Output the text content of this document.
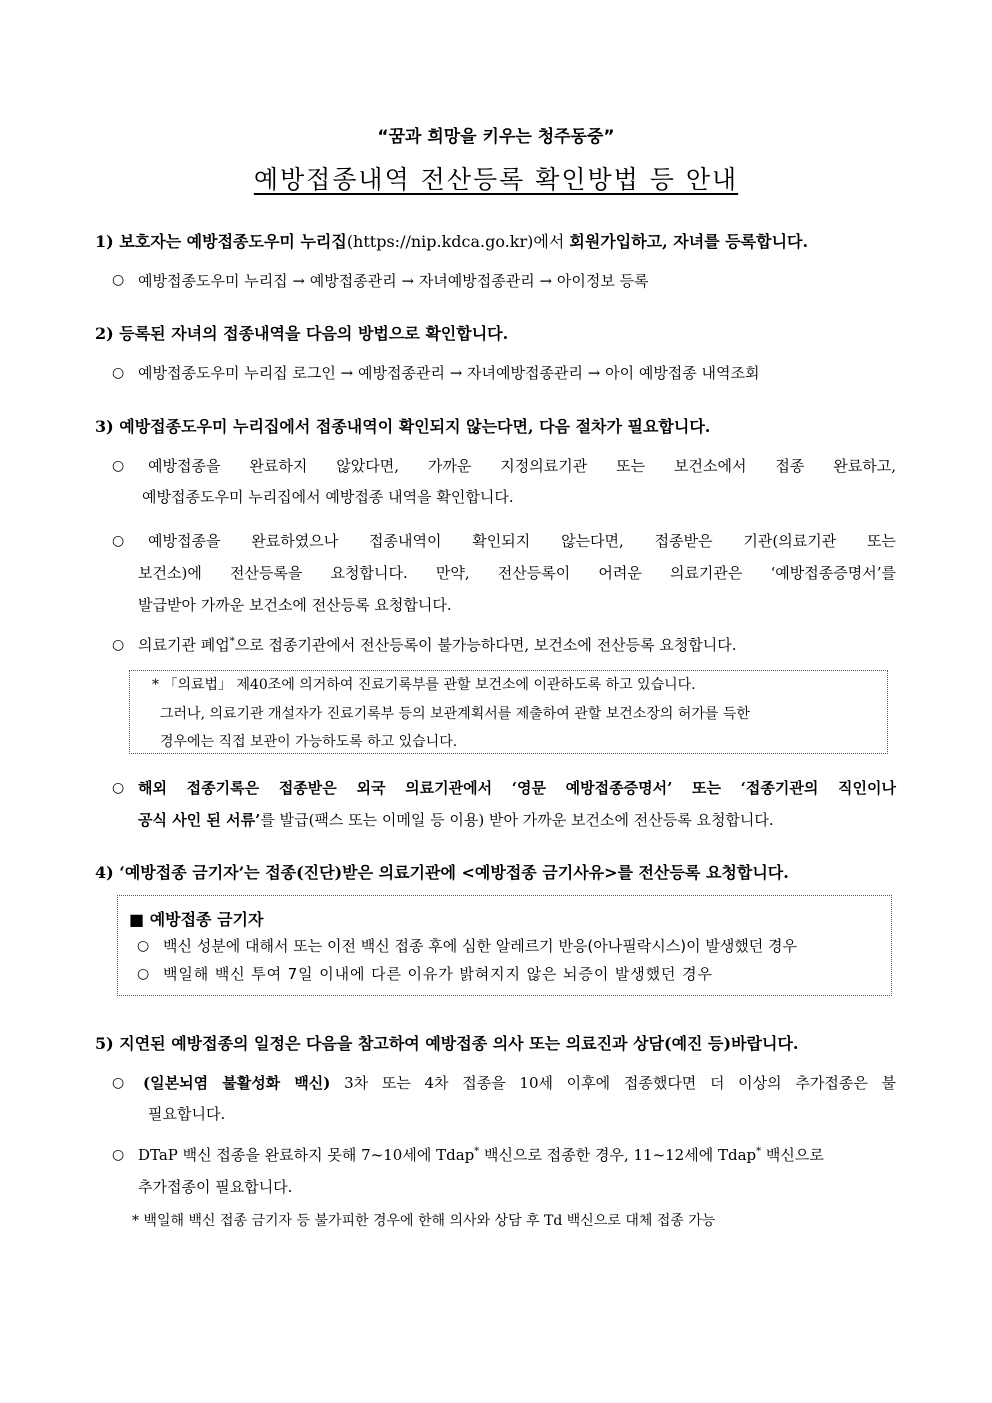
“꿈과 희망을 키우는 청주동중”
예방접종내역 전산등록 확인방법 등 안내
1) 보호자는 예방접종도우미 누리집(https://nip.kdca.go.kr)에서 회원가입하고, 자녀를 등록합니다.
○ 예방접종도우미 누리집 → 예방접종관리 → 자녀예방접종관리 → 아이정보 등록
2) 등록된 자녀의 접종내역을 다음의 방법으로 확인합니다.
○ 예방접종도우미 누리집 로그인 → 예방접종관리 → 자녀예방접종관리 → 아이 예방접종 내역조회
3) 예방접종도우미 누리집에서 접종내역이 확인되지 않는다면, 다음 절차가 필요합니다.
○ 예방접종을 완료하지 않았다면, 가까운 지정의료기관 또는 보건소에서 접종 완료하고,
예방접종도우미 누리집에서 예방접종 내역을 확인합니다.
○ 예방접종을 완료하였으나 접종내역이 확인되지 않는다면, 접종받은 기관(의료기관 또는
보건소)에 전산등록을 요청합니다. 만약, 전산등록이 어려운 의료기관은 ‘예방접종증명서’를
발급받아 가까운 보건소에 전산등록 요청합니다.
○ 의료기관 폐업*으로 접종기관에서 전산등록이 불가능하다면, 보건소에 전산등록 요청합니다.
* 「의료법」 제40조에 의거하여 진료기록부를 관할 보건소에 이관하도록 하고 있습니다.
그러나, 의료기관 개설자가 진료기록부 등의 보관계획서를 제출하여 관할 보건소장의 허가를 득한
경우에는 직접 보관이 가능하도록 하고 있습니다.
○ 해외 접종기록은 접종받은 외국 의료기관에서 ‘영문 예방접종증명서’ 또는 ‘접종기관의 직인이나
공식 사인 된 서류’를 발급(팩스 또는 이메일 등 이용) 받아 가까운 보건소에 전산등록 요청합니다.
4) ‘예방접종 금기자’는 접종(진단)받은 의료기관에 <예방접종 금기사유>를 전산등록 요청합니다.
■ 예방접종 금기자
○ 백신 성분에 대해서 또는 이전 백신 접종 후에 심한 알레르기 반응(아나필락시스)이 발생했던 경우
○ 백일해 백신 투여 7일 이내에 다른 이유가 밝혀지지 않은 뇌증이 발생했던 경우
5) 지연된 예방접종의 일정은 다음을 참고하여 예방접종 의사 또는 의료진과 상담(예진 등)바랍니다.
○ (일본뇌염 불활성화 백신) 3차 또는 4차 접종을 10세 이후에 접종했다면 더 이상의 추가접종은 불
필요합니다.
○ DTaP 백신 접종을 완료하지 못해 7~10세에 Tdap* 백신으로 접종한 경우, 11~12세에 Tdap* 백신으로
추가접종이 필요합니다.
* 백일해 백신 접종 금기자 등 불가피한 경우에 한해 의사와 상담 후 Td 백신으로 대체 접종 가능
